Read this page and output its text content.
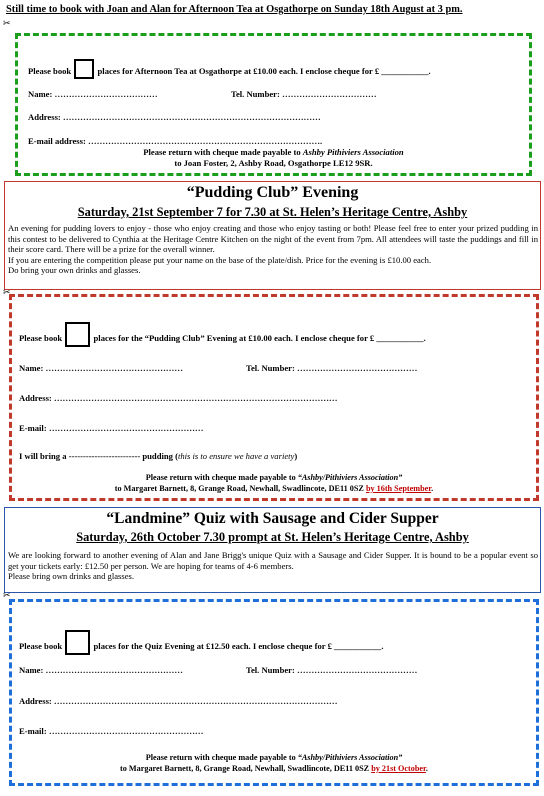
Still time to book with Joan and Alan for Afternoon Tea at Osgathorpe on Sunday 18th August at 3 pm.
✂
Please book	places for Afternoon Tea at Osgathorpe at £10.00 each. I enclose cheque for £ ___________.
Name: ………………………………	Tel. Number: ……………………………
Address: ………………………………………………………………………………
E-mail address: ……………………………………………………………………….
Please return with cheque made payable to Ashby Pithiviers Association
to Joan Foster, 2, Ashby Road, Osgathorpe LE12 9SR.
“Pudding Club” Evening
Saturday, 21st September 7 for 7.30 at St. Helen’s Heritage Centre, Ashby
An evening for pudding lovers to enjoy - those who enjoy creating and those who enjoy tasting or both! Please feel free to enter your prized pudding in this contest to be delivered to Cynthia at the Heritage Centre Kitchen on the night of the event from 7pm. All attendees will taste the puddings and fill in their score card. There will be a prize for the overall winner.
If you are entering the competition please put your name on the base of the plate/dish. Price for the evening is £10.00 each.
Do bring your own drinks and glasses.
✂
Please book	places for the “Pudding Club” Evening at £10.00 each. I enclose cheque for £ ___________.
Name: …………………………………………	Tel. Number: ……………………………………
Address: ………………………………………………………………………………………
E-mail: ………………………………………………
I will bring a ------------------------- pudding (this is to ensure we have a variety)
Please return with cheque made payable to “Ashby/Pithiviers Association”
to Margaret Barnett, 8, Grange Road, Newhall, Swadlincote, DE11 0SZ by 16th September.
“Landmine” Quiz with Sausage and Cider Supper
Saturday, 26th October 7.30 prompt at St. Helen’s Heritage Centre, Ashby
We are looking forward to another evening of Alan and Jane Brigg's unique Quiz with a Sausage and Cider Supper. It is bound to be a popular event so get your tickets early: £12.50 per person. We are hoping for teams of 4-6 members.
Please bring own drinks and glasses.
✂
Please book	places for the Quiz Evening at £12.50 each. I enclose cheque for £ ___________.
Name: …………………………………………	Tel. Number: ……………………………………
Address: ………………………………………………………………………………………
E-mail: ………………………………………………
Please return with cheque made payable to “Ashby/Pithiviers Association”
to Margaret Barnett, 8, Grange Road, Newhall, Swadlincote, DE11 0SZ by 21st October.
